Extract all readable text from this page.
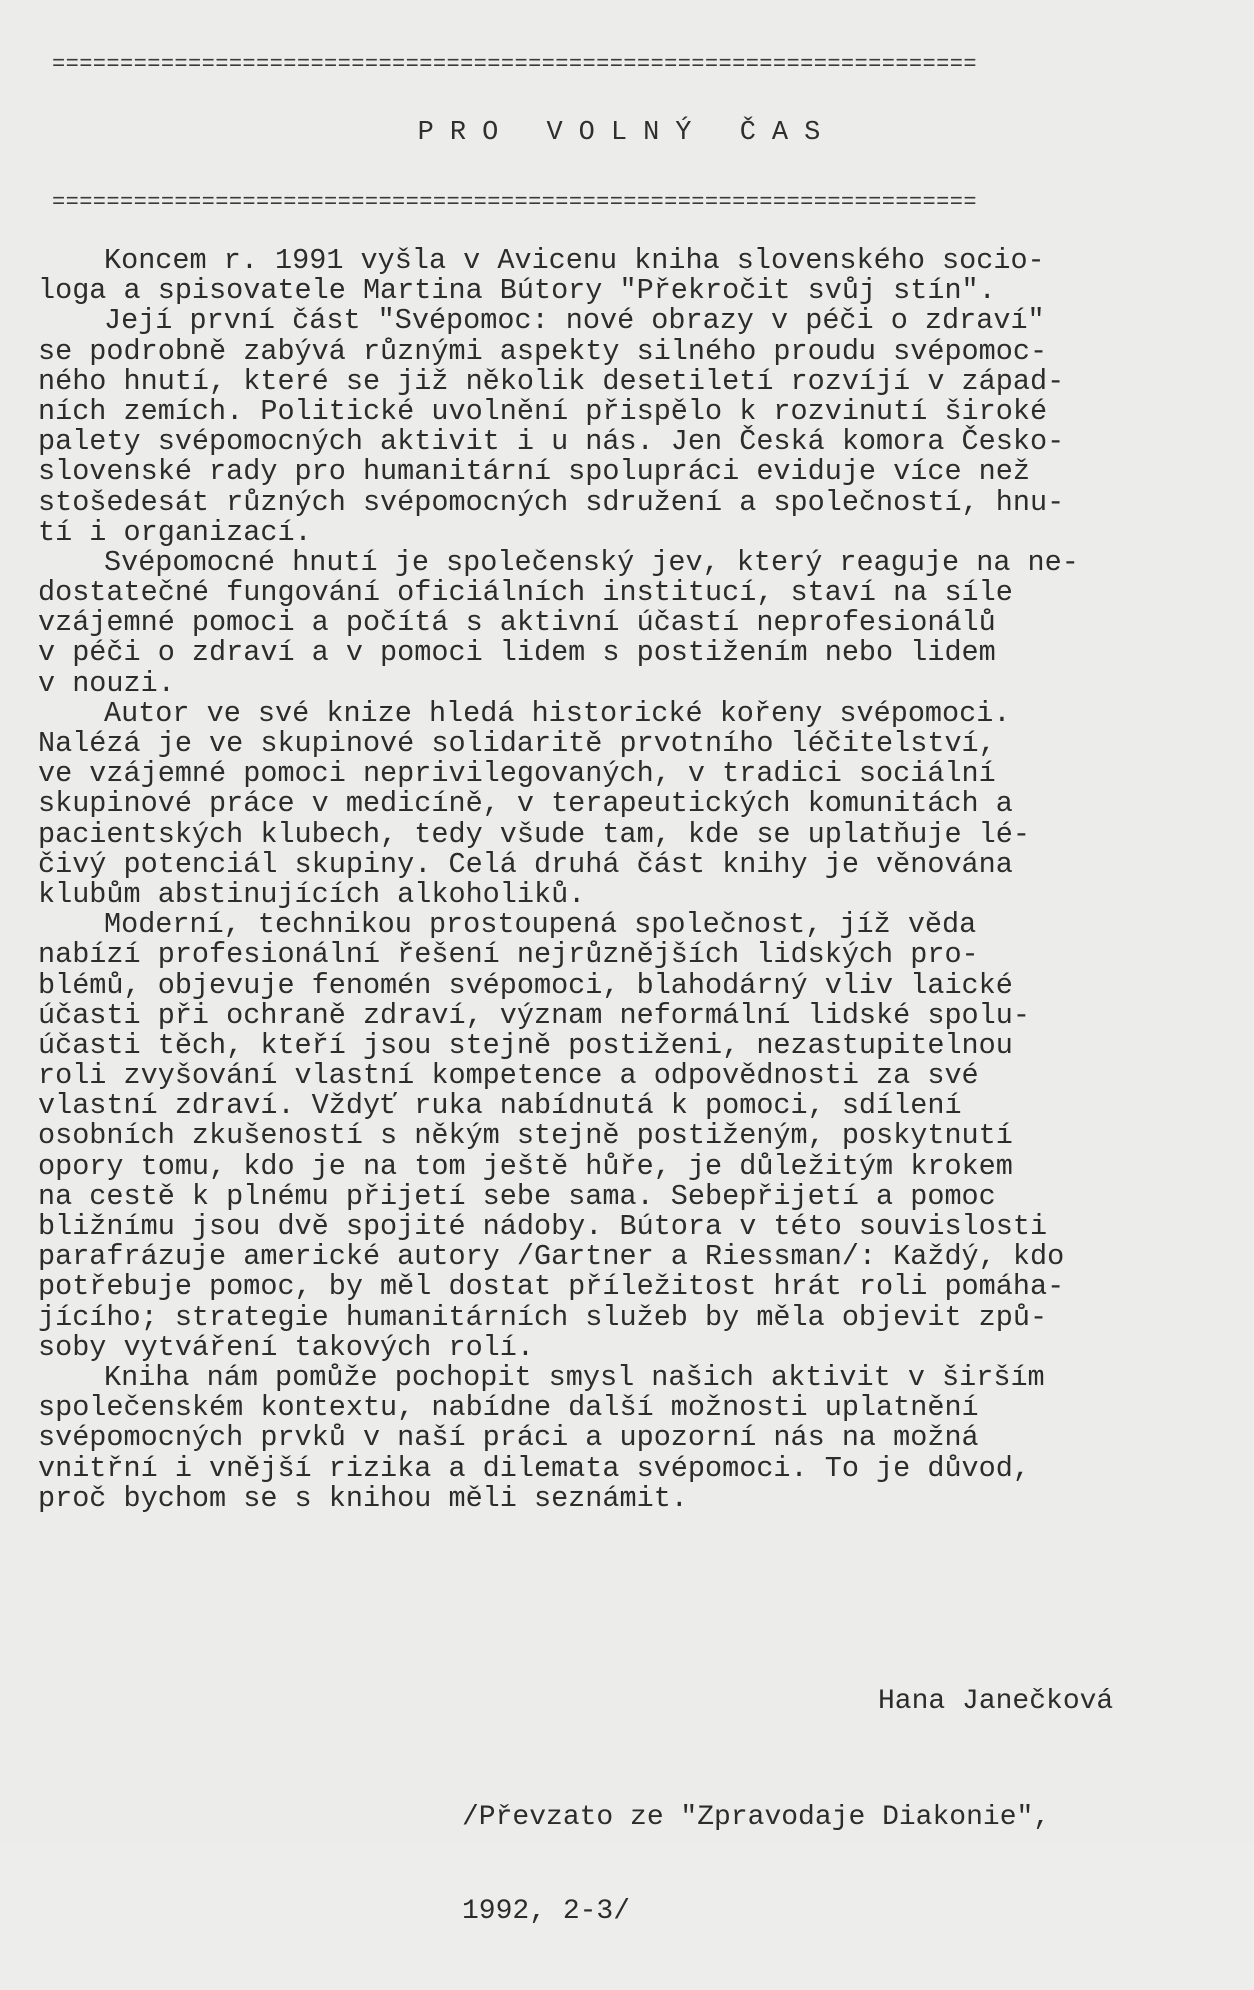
====================================================================
PRO VOLNÝ ČAS
====================================================================
Koncem r. 1991 vyšla v Avicenu kniha slovenského socio-
loga a spisovatele Martina Bútory "Překročit svůj stín".
Její první část "Svépomoc: nové obrazy v péči o zdraví"
se podrobně zabývá různými aspekty silného proudu svépomoc-
ného hnutí, které se již několik desetiletí rozvíjí v západ-
ních zemích. Politické uvolnění přispělo k rozvinutí široké
palety svépomocných aktivit i u nás. Jen Česká komora Česko-
slovenské rady pro humanitární spolupráci eviduje více než
stošedesát různých svépomocných sdružení a společností, hnu-
tí i organizací.
Svépomocné hnutí je společenský jev, který reaguje na ne-
dostatečné fungování oficiálních institucí, staví na síle
vzájemné pomoci a počítá s aktivní účastí neprofesionálů
v péči o zdraví a v pomoci lidem s postižením nebo lidem
v nouzi.
Autor ve své knize hledá historické kořeny svépomoci.
Nalézá je ve skupinové solidaritě prvotního léčitelství,
ve vzájemné pomoci neprivilegovaných, v tradici sociální
skupinové práce v medicíně, v terapeutických komunitách a
pacientských klubech, tedy všude tam, kde se uplatňuje lé-
čivý potenciál skupiny. Celá druhá část knihy je věnována
klubům abstinujících alkoholiků.
Moderní, technikou prostoupená společnost, jíž věda
nabízí profesionální řešení nejrůznějších lidských pro-
blémů, objevuje fenomén svépomoci, blahodárný vliv laické
účasti při ochraně zdraví, význam neformální lidské spolu-
účasti těch, kteří jsou stejně postiženi, nezastupitelnou
roli zvyšování vlastní kompetence a odpovědnosti za své
vlastní zdraví. Vždyť ruka nabídnutá k pomoci, sdílení
osobních zkušeností s někým stejně postiženým, poskytnutí
opory tomu, kdo je na tom ještě hůře, je důležitým krokem
na cestě k plnému přijetí sebe sama. Sebepřijetí a pomoc
bližnímu jsou dvě spojité nádoby. Bútora v této souvislosti
parafrázuje americké autory /Gartner a Riessman/: Každý, kdo
potřebuje pomoc, by měl dostat příležitost hrát roli pomáha-
jícího; strategie humanitárních služeb by měla objevit způ-
soby vytváření takových rolí.
Kniha nám pomůže pochopit smysl našich aktivit v širším
společenském kontextu, nabídne další možnosti uplatnění
svépomocných prvků v naší práci a upozorní nás na možná
vnitřní i vnější rizika a dilemata svépomoci. To je důvod,
proč bychom se s knihou měli seznámit.
Hana Janečková

/Převzato ze "Zpravodaje Diakonie",

1992, 2-3/
